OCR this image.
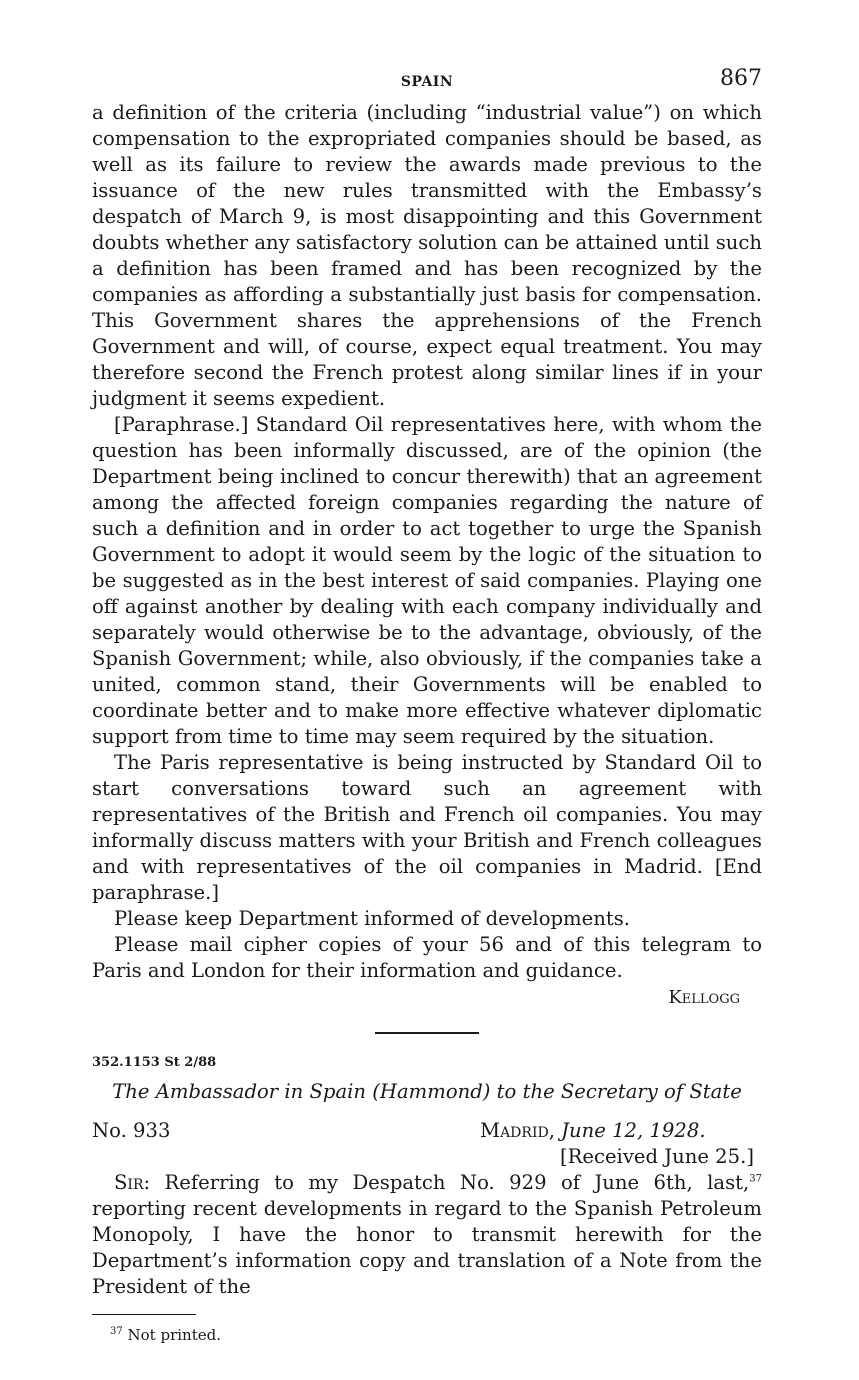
SPAIN	867

a definition of the criteria (including “industrial value”) on which compensation to the expropriated companies should be based, as well as its failure to review the awards made previous to the issuance of the new rules transmitted with the Embassy’s despatch of March 9, is most disappointing and this Government doubts whether any satisfactory solution can be attained until such a definition has been framed and has been recognized by the companies as affording a substantially just basis for compensation. This Government shares the apprehensions of the French Government and will, of course, expect equal treatment. You may therefore second the French protest along similar lines if in your judgment it seems expedient.

[Paraphrase.] Standard Oil representatives here, with whom the question has been informally discussed, are of the opinion (the Department being inclined to concur therewith) that an agreement among the affected foreign companies regarding the nature of such a definition and in order to act together to urge the Spanish Government to adopt it would seem by the logic of the situation to be suggested as in the best interest of said companies. Playing one off against another by dealing with each company individually and separately would otherwise be to the advantage, obviously, of the Spanish Government; while, also obviously, if the companies take a united, common stand, their Governments will be enabled to coordinate better and to make more effective whatever diplomatic support from time to time may seem required by the situation.

The Paris representative is being instructed by Standard Oil to start conversations toward such an agreement with representatives of the British and French oil companies. You may informally discuss matters with your British and French colleagues and with representatives of the oil companies in Madrid. [End paraphrase.]

Please keep Department informed of developments.

Please mail cipher copies of your 56 and of this telegram to Paris and London for their information and guidance.

Kellogg
352.1153 St 2/88
The Ambassador in Spain (Hammond) to the Secretary of State
No. 933	Madrid, June 12, 1928.
[Received June 25.]

Sir: Referring to my Despatch No. 929 of June 6th, last,$^{37}$ reporting recent developments in regard to the Spanish Petroleum Monopoly, I have the honor to transmit herewith for the Department’s information copy and translation of a Note from the President of the

$^{37}$ Not printed.
